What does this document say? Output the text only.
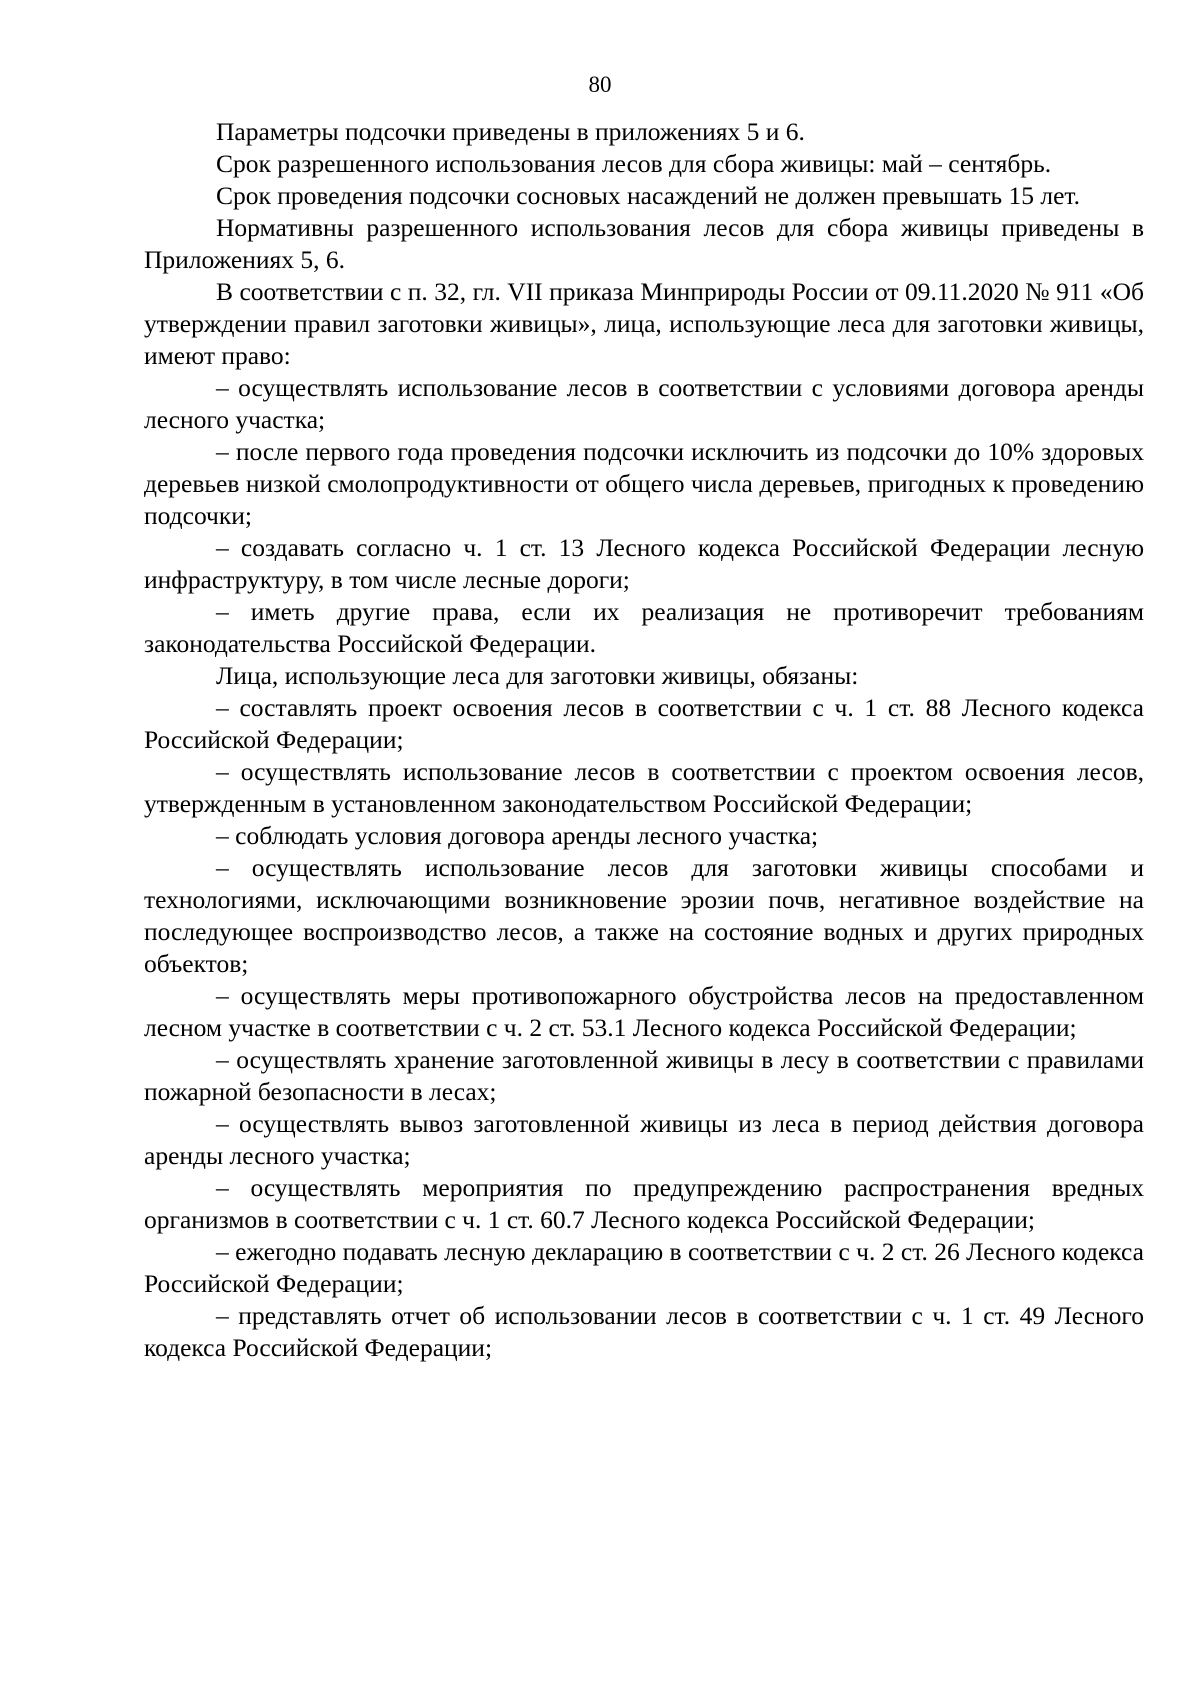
80

Параметры подсочки приведены в приложениях 5 и 6.

Срок разрешенного использования лесов для сбора живицы: май – сентябрь.

Срок проведения подсочки сосновых насаждений не должен превышать 15 лет.

Нормативны разрешенного использования лесов для сбора живицы приведены в Приложениях 5, 6.

В соответствии с п. 32, гл. VII приказа Минприроды России от 09.11.2020 № 911 «Об утверждении правил заготовки живицы», лица, использующие леса для заготовки живицы, имеют право:

– осуществлять использование лесов в соответствии с условиями договора аренды лесного участка;

– после первого года проведения подсочки исключить из подсочки до 10% здоровых деревьев низкой смолопродуктивности от общего числа деревьев, пригодных к проведению подсочки;

– создавать согласно ч. 1 ст. 13 Лесного кодекса Российской Федерации лесную инфраструктуру, в том числе лесные дороги;

– иметь другие права, если их реализация не противоречит требованиям законодательства Российской Федерации.

Лица, использующие леса для заготовки живицы, обязаны:

– составлять проект освоения лесов в соответствии с ч. 1 ст. 88 Лесного кодекса Российской Федерации;

– осуществлять использование лесов в соответствии с проектом освоения лесов, утвержденным в установленном законодательством Российской Федерации;

– соблюдать условия договора аренды лесного участка;

– осуществлять использование лесов для заготовки живицы способами и технологиями, исключающими возникновение эрозии почв, негативное воздействие на последующее воспроизводство лесов, а также на состояние водных и других природных объектов;

– осуществлять меры противопожарного обустройства лесов на предоставленном лесном участке в соответствии с ч. 2 ст. 53.1 Лесного кодекса Российской Федерации;

– осуществлять хранение заготовленной живицы в лесу в соответствии с правилами пожарной безопасности в лесах;

– осуществлять вывоз заготовленной живицы из леса в период действия договора аренды лесного участка;

– осуществлять мероприятия по предупреждению распространения вредных организмов в соответствии с ч. 1 ст. 60.7 Лесного кодекса Российской Федерации;

– ежегодно подавать лесную декларацию в соответствии с ч. 2 ст. 26 Лесного кодекса Российской Федерации;

– представлять отчет об использовании лесов в соответствии с ч. 1 ст. 49 Лесного кодекса Российской Федерации;
